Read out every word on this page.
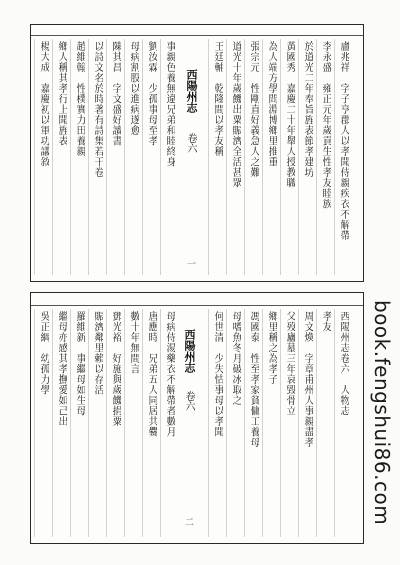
西陽州志
卷六
一
盧兆祥　字子亨郡人以孝聞侍親疾衣不解帶
李永盛　雍正元年歲貢生性孝友睦族
於道光二年奉旨旌表節孝建坊
黃國秀　嘉慶二十年舉人授教職
為人端方學問淵博鄉里推重
張宗元　性剛直好義急人之難
道光十年歲饑出粟賑濟全活甚眾
王廷輔　乾隆間以孝友稱
事親色養無違兄弟和睦終身
劉汝霖　少孤事母至孝
母病割股以進病遂愈
陳其昌　字文盛好讀書
以詩文名於時著有詩集若干卷
趙維翰　性樸實力田養親
鄉人稱其孝行上聞旌表
楊大成　嘉慶初以軍功議敘
西陽州志
卷六
二
西陽州志卷六　人物志
孝友
周文煥　字章甫州人事親盡孝
父歿廬墓三年哀毀骨立
鄉里稱之為孝子
馮國泰　性至孝家貧傭工養母
母嗜魚冬月破冰取之
何世清　少失怙事母以孝聞
母病侍湯藥衣不解帶者數月
唐應時　兄弟五人同居共爨
數十年無間言
鄧光裕　好施與歲饑捐粟
賑濟鄰里賴以存活
羅維新　事繼母如生母
繼母亦感其孝撫愛如己出
吳正綱　幼孤力學	book.fengshui86.com
